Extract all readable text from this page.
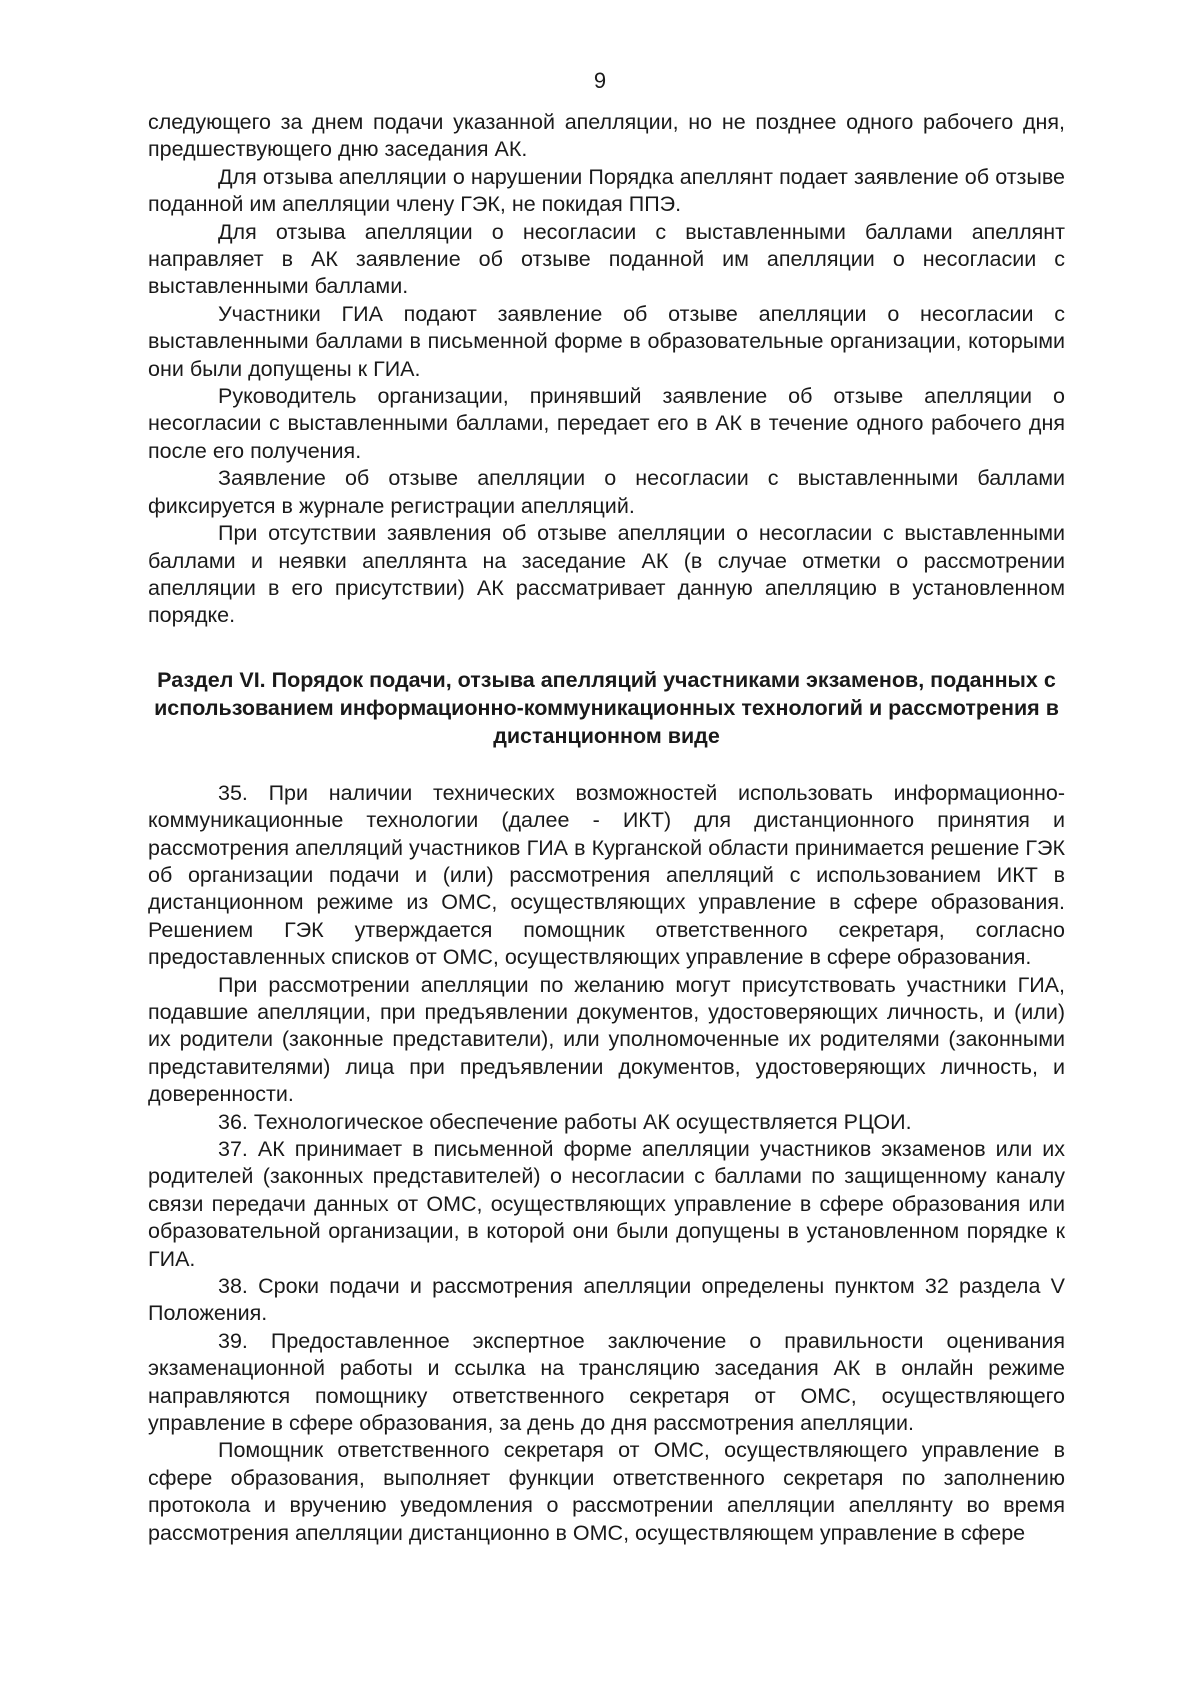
9

следующего за днем подачи указанной апелляции, но не позднее одного рабочего дня, предшествующего дню заседания АК.

Для отзыва апелляции о нарушении Порядка апеллянт подает заявление об отзыве поданной им апелляции члену ГЭК, не покидая ППЭ.

Для отзыва апелляции о несогласии с выставленными баллами апеллянт направляет в АК заявление об отзыве поданной им апелляции о несогласии с выставленными баллами.

Участники ГИА подают заявление об отзыве апелляции о несогласии с выставленными баллами в письменной форме в образовательные организации, которыми они были допущены к ГИА.

Руководитель организации, принявший заявление об отзыве апелляции о несогласии с выставленными баллами, передает его в АК в течение одного рабочего дня после его получения.

Заявление об отзыве апелляции о несогласии с выставленными баллами фиксируется в журнале регистрации апелляций.

При отсутствии заявления об отзыве апелляции о несогласии с выставленными баллами и неявки апеллянта на заседание АК (в случае отметки о рассмотрении апелляции в его присутствии) АК рассматривает данную апелляцию в установленном порядке.

Раздел VI. Порядок подачи, отзыва апелляций участниками экзаменов, поданных с использованием информационно-коммуникационных технологий и рассмотрения в дистанционном виде

35. При наличии технических возможностей использовать информационно-коммуникационные технологии (далее - ИКТ) для дистанционного принятия и рассмотрения апелляций участников ГИА в Курганской области принимается решение ГЭК об организации подачи и (или) рассмотрения апелляций с использованием ИКТ в дистанционном режиме из ОМС, осуществляющих управление в сфере образования. Решением ГЭК утверждается помощник ответственного секретаря, согласно предоставленных списков от ОМС, осуществляющих управление в сфере образования.

При рассмотрении апелляции по желанию могут присутствовать участники ГИА, подавшие апелляции, при предъявлении документов, удостоверяющих личность, и (или) их родители (законные представители), или уполномоченные их родителями (законными представителями) лица при предъявлении документов, удостоверяющих личность, и доверенности.

36. Технологическое обеспечение работы АК осуществляется РЦОИ.

37. АК принимает в письменной форме апелляции участников экзаменов или их родителей (законных представителей) о несогласии с баллами по защищенному каналу связи передачи данных от ОМС, осуществляющих управление в сфере образования или образовательной организации, в которой они были допущены в установленном порядке к ГИА.

38. Сроки подачи и рассмотрения апелляции определены пунктом 32 раздела V Положения.

39. Предоставленное экспертное заключение о правильности оценивания экзаменационной работы и ссылка на трансляцию заседания АК в онлайн режиме направляются помощнику ответственного секретаря от ОМС, осуществляющего управление в сфере образования, за день до дня рассмотрения апелляции.

Помощник ответственного секретаря от ОМС, осуществляющего управление в сфере образования, выполняет функции ответственного секретаря по заполнению протокола и вручению уведомления о рассмотрении апелляции апеллянту во время рассмотрения апелляции дистанционно в ОМС, осуществляющем управление в сфере
